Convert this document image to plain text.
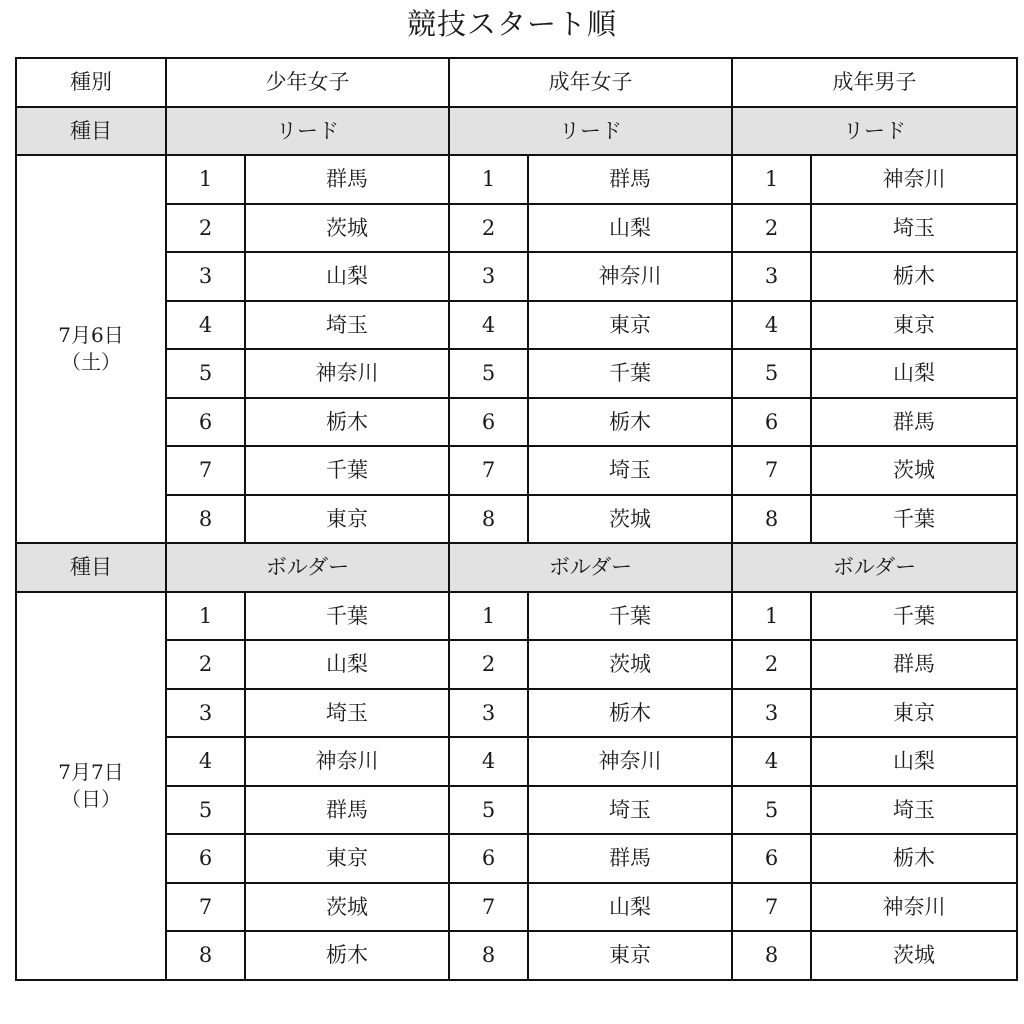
競技スタート順
種別	少年女子		成年女子		成年男子	
種目	リード		リード		リード	

7月6日
（土）	1	群馬	1	群馬	1	神奈川
	2	茨城	2	山梨	2	埼玉
	3	山梨	3	神奈川	3	栃木
	4	埼玉	4	東京	4	東京
	5	神奈川	5	千葉	5	山梨
	6	栃木	6	栃木	6	群馬
	7	千葉	7	埼玉	7	茨城
	8	東京	8	茨城	8	千葉
種目	ボルダー		ボルダー		ボルダー	

7月7日
（日）	1	千葉	1	千葉	1	千葉
	2	山梨	2	茨城	2	群馬
	3	埼玉	3	栃木	3	東京
	4	神奈川	4	神奈川	4	山梨
	5	群馬	5	埼玉	5	埼玉
	6	東京	6	群馬	6	栃木
	7	茨城	7	山梨	7	神奈川
	8	栃木	8	東京	8	茨城
